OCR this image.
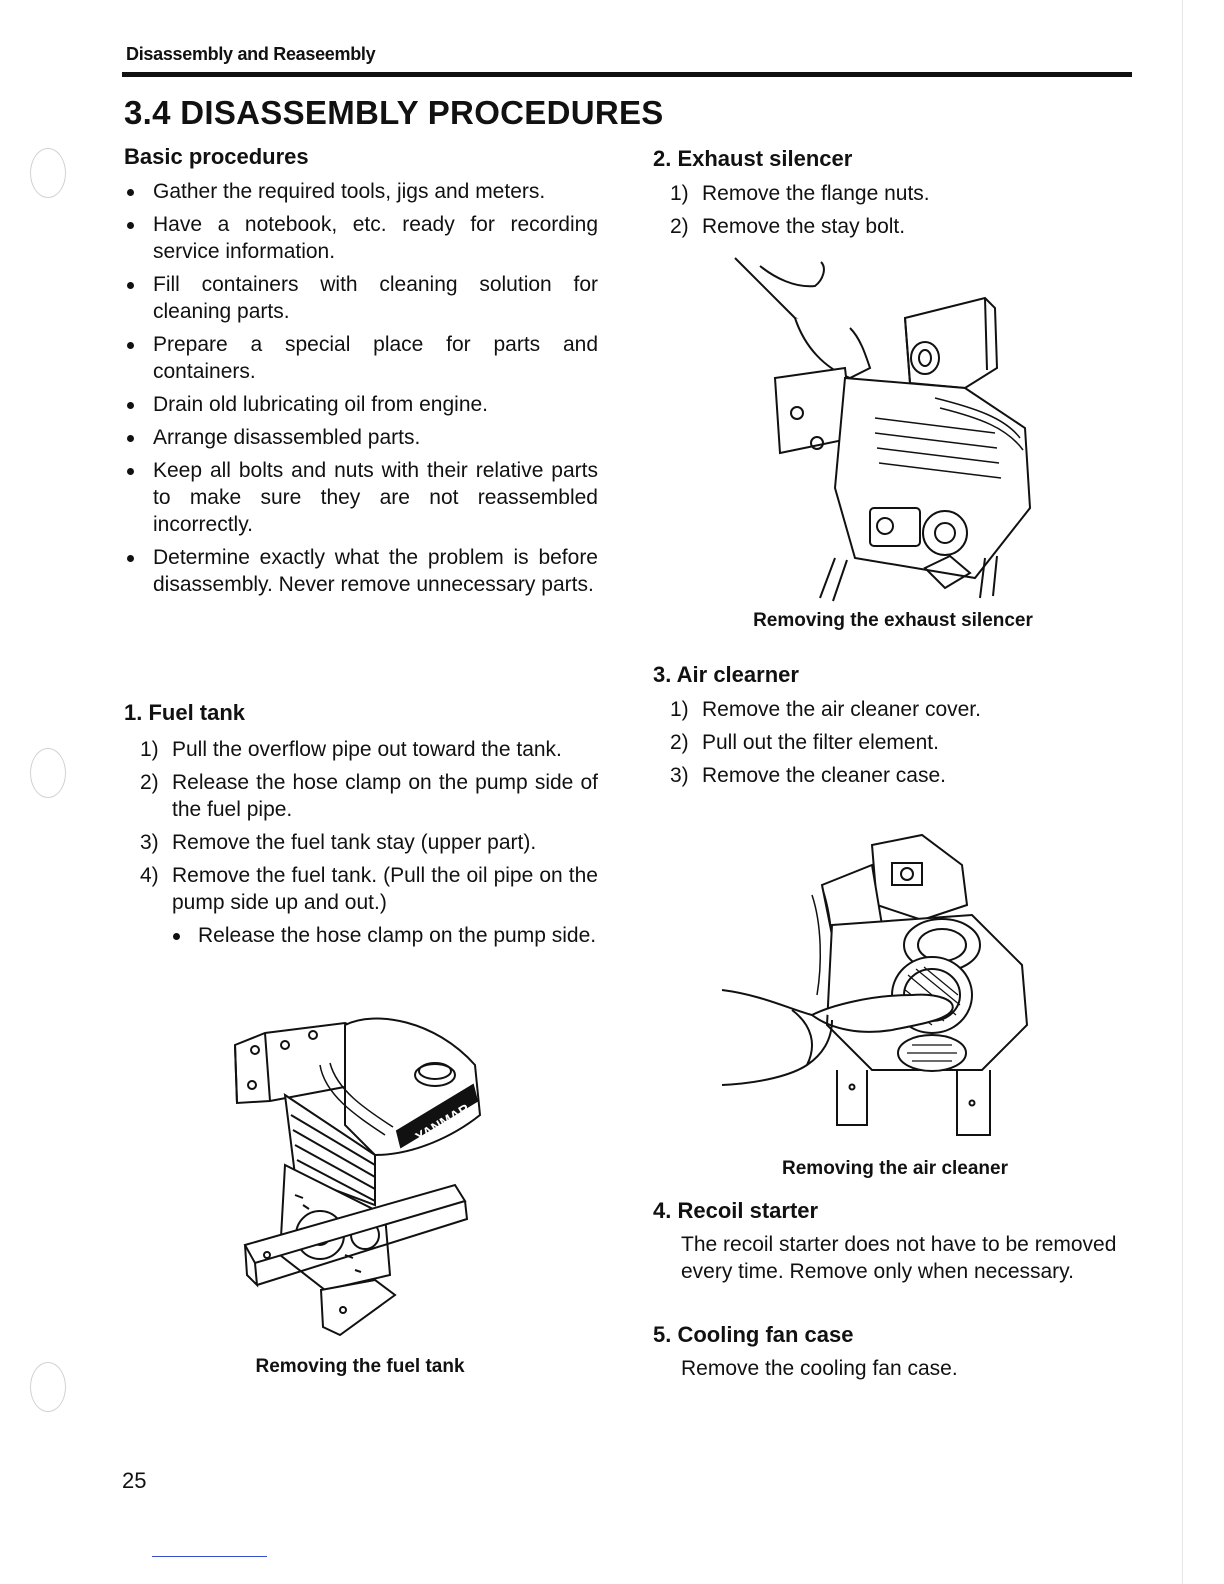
Disassembly and Reaseembly
3.4 DISASSEMBLY PROCEDURES
Basic procedures
Gather the required tools, jigs and meters.
Have a notebook, etc. ready for recording service information.
Fill containers with cleaning solution for cleaning parts.
Prepare a special place for parts and containers.
Drain old lubricating oil from engine.
Arrange disassembled parts.
Keep all bolts and nuts with their relative parts to make sure they are not reassembled incorrectly.
Determine exactly what the problem is before disassembly. Never remove unnecessary parts.
1. Fuel tank
1) Pull the overflow pipe out toward the tank.
2) Release the hose clamp on the pump side of the fuel pipe.
3) Remove the fuel tank stay (upper part).
4) Remove the fuel tank. (Pull the oil pipe on the pump side up and out.)
Release the hose clamp on the pump side.
YANMAR
Removing the fuel tank
2. Exhaust silencer
1) Remove the flange nuts.
2) Remove the stay bolt.
Removing the exhaust silencer
3. Air clearner
1) Remove the air cleaner cover.
2) Pull out the filter element.
3) Remove the cleaner case.
Removing the air cleaner
4. Recoil starter
The recoil starter does not have to be removed every time. Remove only when necessary.
5. Cooling fan case
Remove the cooling fan case.
25
